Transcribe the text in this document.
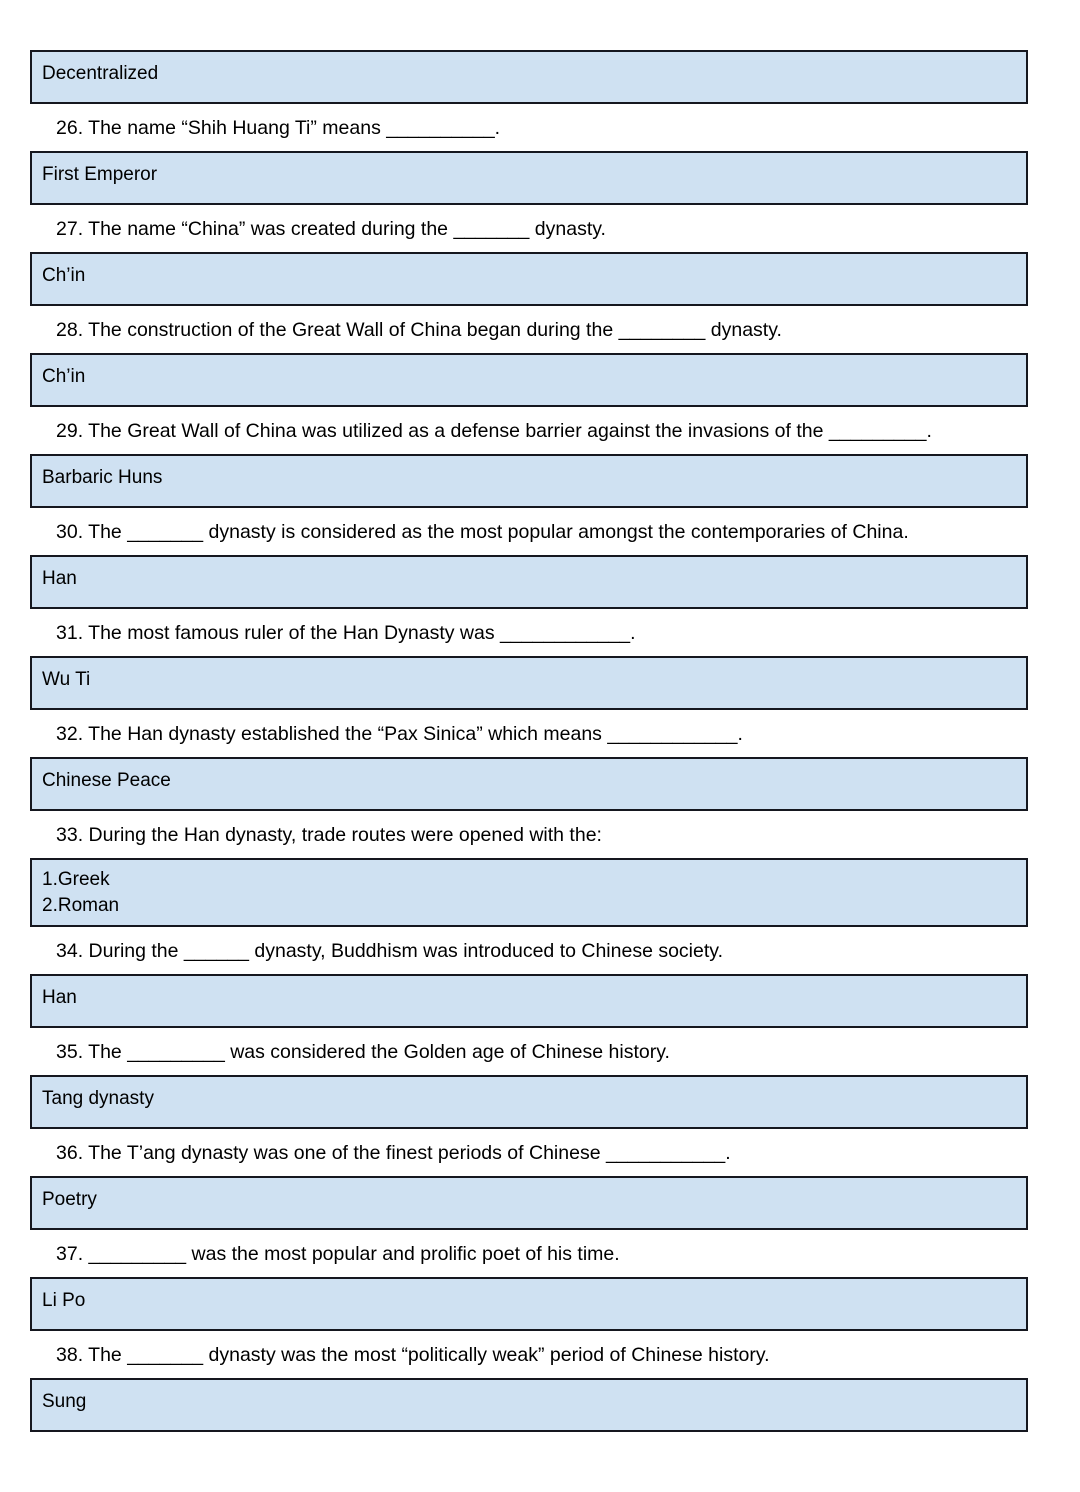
Decentralized
26. The name “Shih Huang Ti” means __________.
First Emperor
27. The name “China” was created during the _______ dynasty.
Ch’in
28. The construction of the Great Wall of China began during the ________ dynasty.
Ch’in
29. The Great Wall of China was utilized as a defense barrier against the invasions of the _________.
Barbaric Huns
30. The _______ dynasty is considered as the most popular amongst the contemporaries of China.
Han
31. The most famous ruler of the Han Dynasty was ____________.
Wu Ti
32. The Han dynasty established the “Pax Sinica” which means ____________.
Chinese Peace
33. During the Han dynasty, trade routes were opened with the:
1.Greek
2.Roman
34. During the ______ dynasty, Buddhism was introduced to Chinese society.
Han
35. The _________ was considered the Golden age of Chinese history.
Tang dynasty
36. The T’ang dynasty was one of the finest periods of Chinese ___________.
Poetry
37. _________ was the most popular and prolific poet of his time.
Li Po
38. The _______ dynasty was the most “politically weak” period of Chinese history.
Sung
